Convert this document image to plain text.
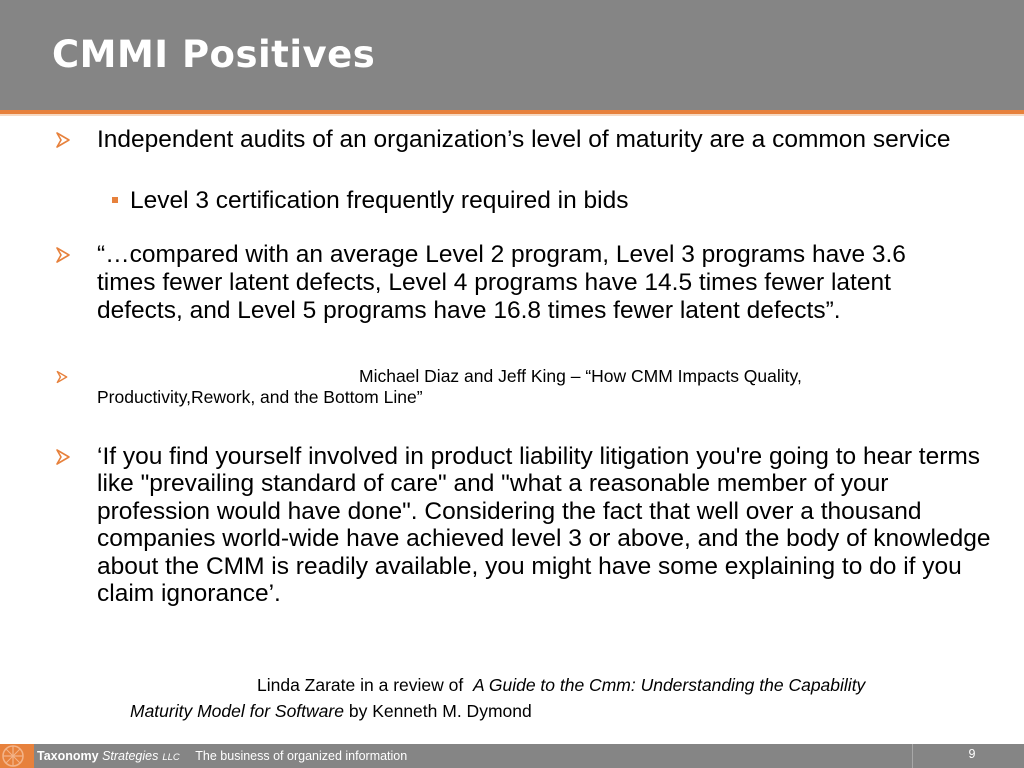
CMMI Positives

Independent audits of an organization’s level of maturity are a common service

Level 3 certification frequently required in bids

“…compared with an average Level 2 program, Level 3 programs have 3.6 times fewer latent defects, Level 4 programs have 14.5 times fewer latent defects, and Level 5 programs have 16.8 times fewer latent defects”.

Michael Diaz and Jeff King – “How CMM Impacts Quality,
Productivity,Rework, and the Bottom Line”

‘If you find yourself involved in product liability litigation you're going to hear terms like "prevailing standard of care" and "what a reasonable member of your profession would have done". Considering the fact that well over a thousand companies world-wide have achieved level 3 or above, and the body of knowledge about the CMM is readily available, you might have some explaining to do if you claim ignorance’.

Linda Zarate in a review of A Guide to the Cmm: Understanding the Capability

Maturity Model for Software by Kenneth M. Dymond

Taxonomy Strategies LLC The business of organized information	9
